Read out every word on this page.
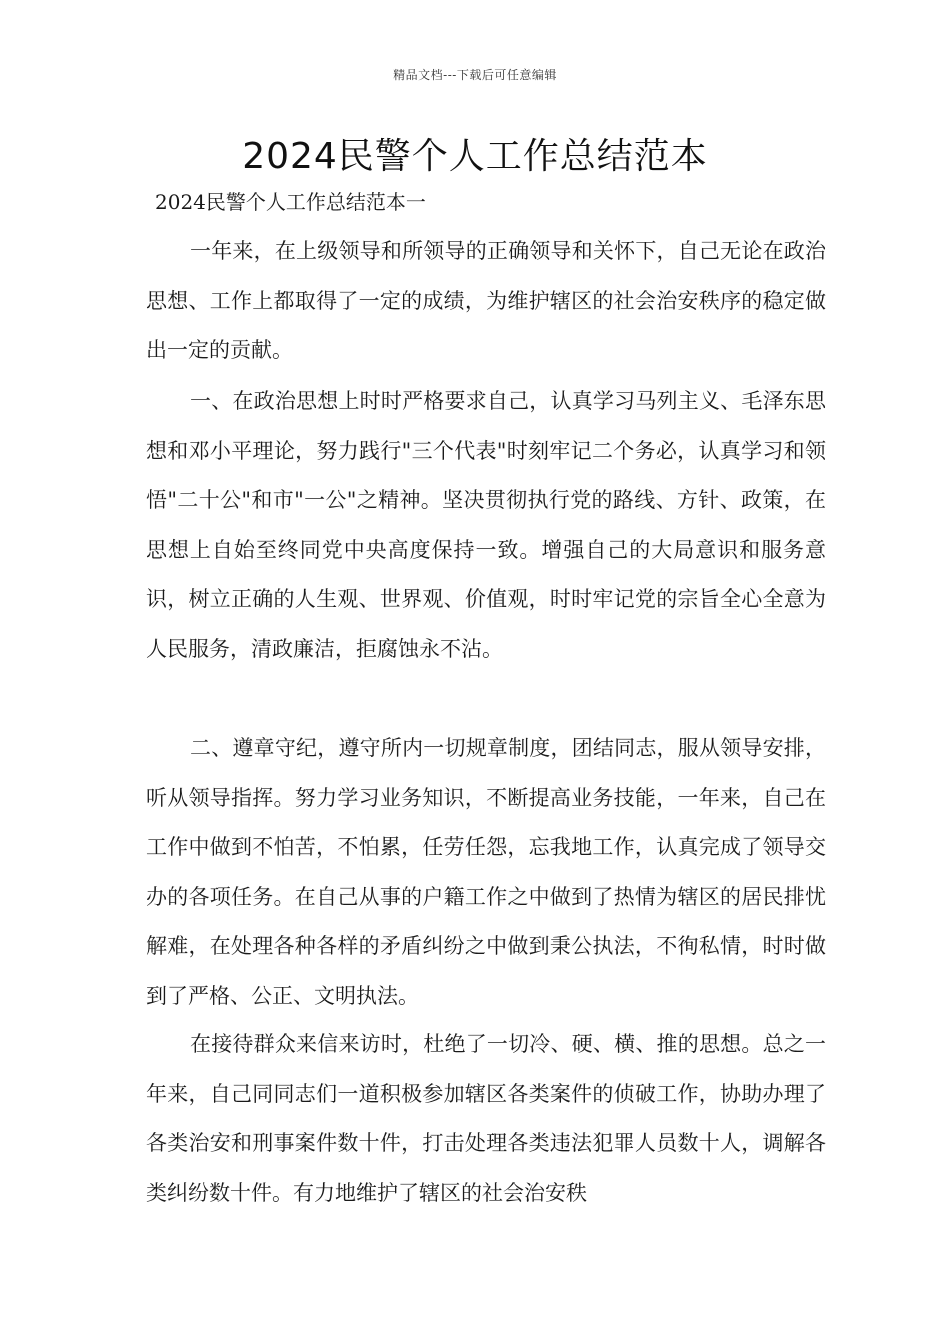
精品文档---下载后可任意编辑
2024民警个人工作总结范本

2024民警个人工作总结范本一

一年来，在上级领导和所领导的正确领导和关怀下，自己无论在政治思想、工作上都取得了一定的成绩，为维护辖区的社会治安秩序的稳定做出一定的贡献。

一、在政治思想上时时严格要求自己，认真学习马列主义、毛泽东思想和邓小平理论，努力践行"三个代表"时刻牢记二个务必，认真学习和领悟"二十公"和市"一公"之精神。坚决贯彻执行党的路线、方针、政策，在思想上自始至终同党中央高度保持一致。增强自己的大局意识和服务意识，树立正确的人生观、世界观、价值观，时时牢记党的宗旨全心全意为人民服务，清政廉洁，拒腐蚀永不沾。

二、遵章守纪，遵守所内一切规章制度，团结同志，服从领导安排，听从领导指挥。努力学习业务知识，不断提高业务技能，一年来，自己在工作中做到不怕苦，不怕累，任劳任怨，忘我地工作，认真完成了领导交办的各项任务。在自己从事的户籍工作之中做到了热情为辖区的居民排忧解难，在处理各种各样的矛盾纠纷之中做到秉公执法，不徇私情，时时做到了严格、公正、文明执法。

在接待群众来信来访时，杜绝了一切冷、硬、横、推的思想。总之一年来，自己同同志们一道积极参加辖区各类案件的侦破工作，协助办理了各类治安和刑事案件数十件，打击处理各类违法犯罪人员数十人，调解各类纠纷数十件。有力地维护了辖区的社会治安秩
